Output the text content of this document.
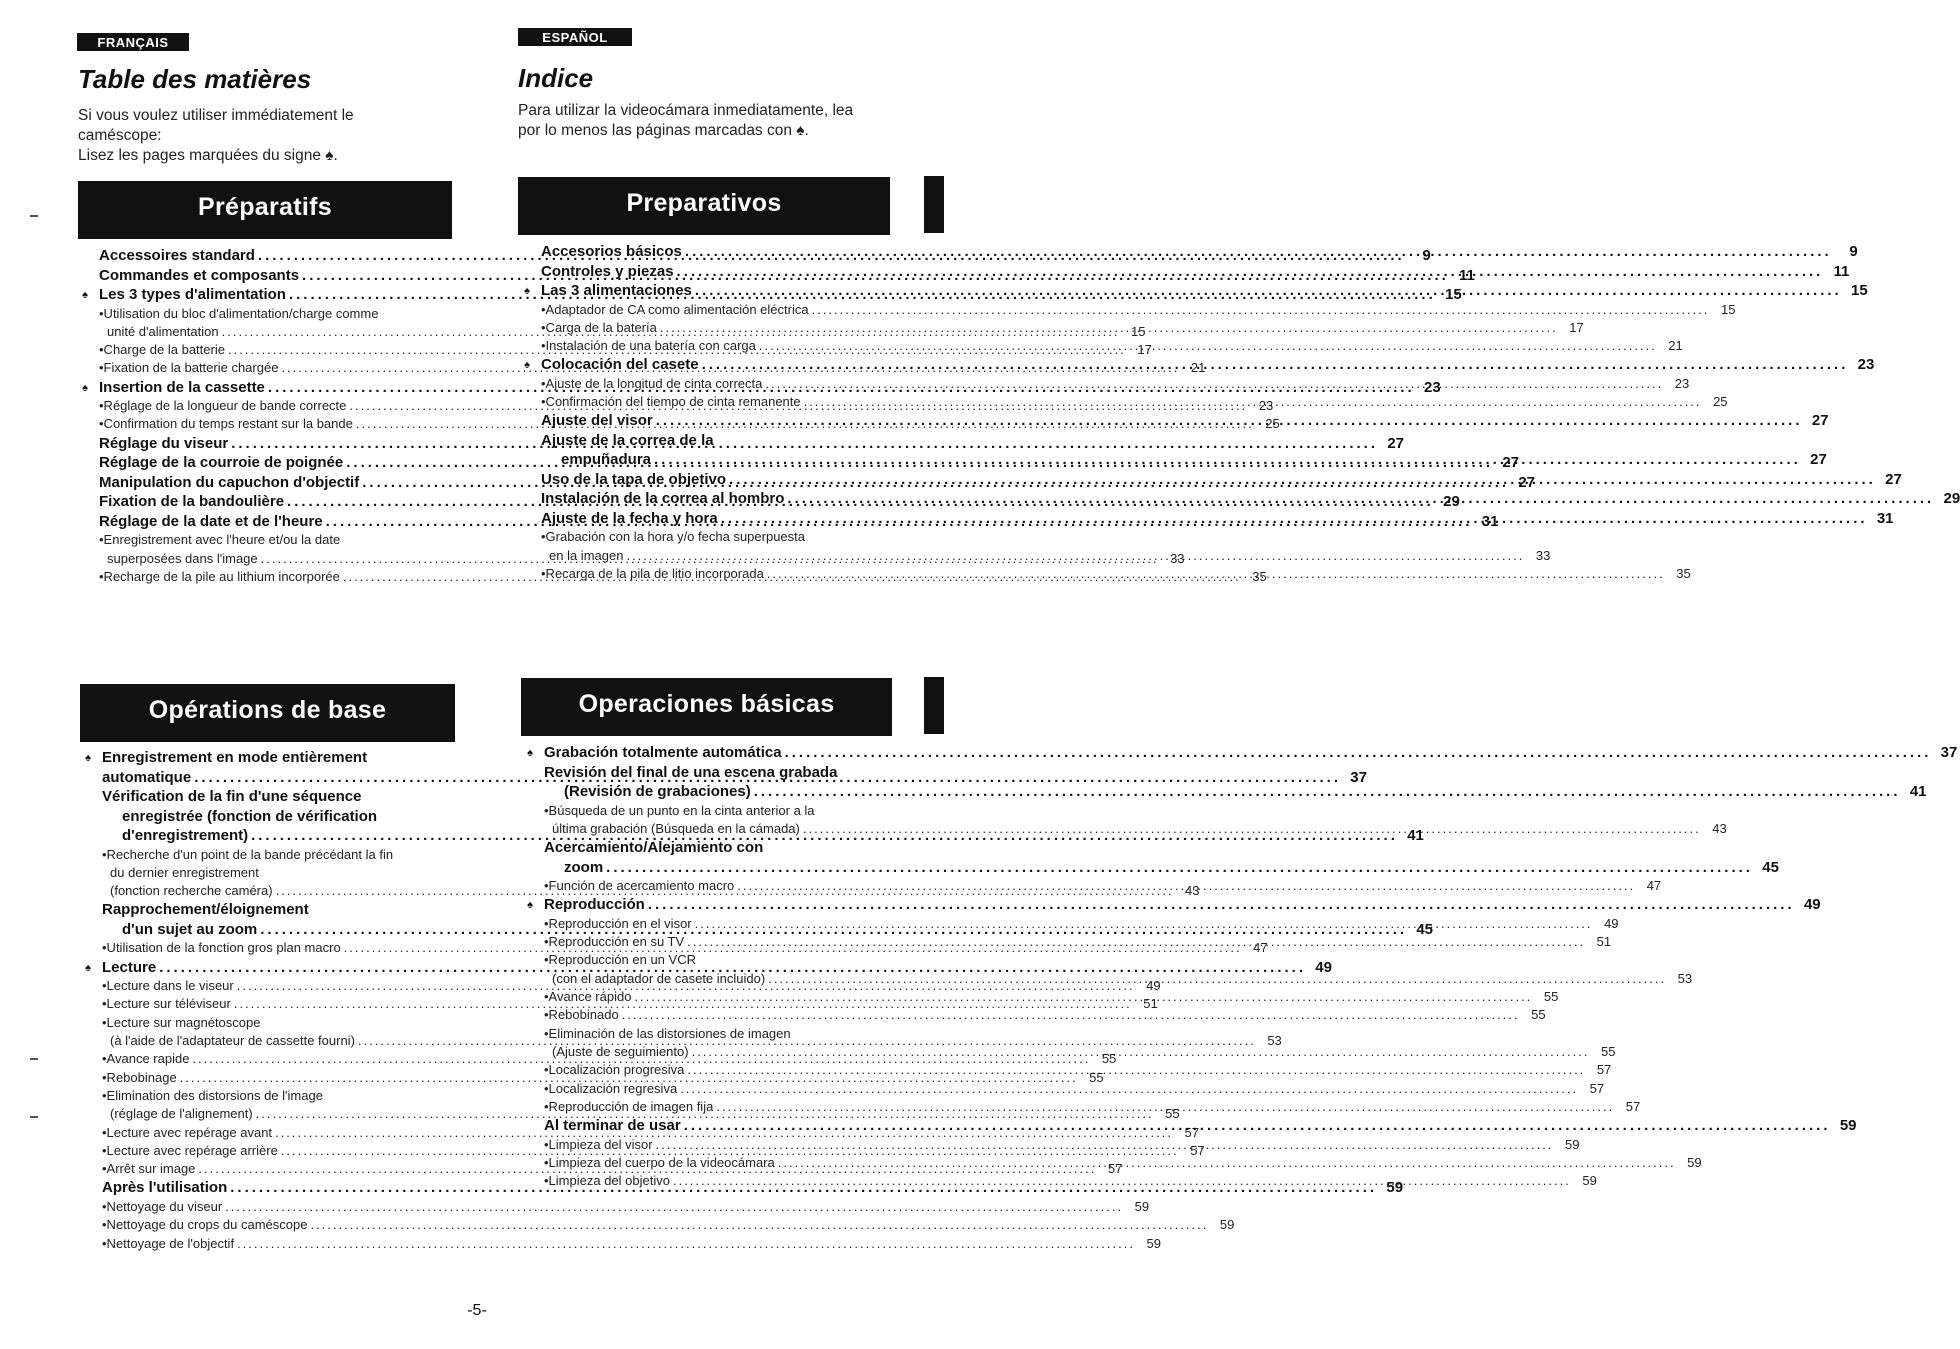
FRANÇAIS
Table des matières
Si vous voulez utiliser immédiatement le
caméscope:
Lisez les pages marquées du signe ♠.
Préparatifs
Accessoires standard .....	9
Commandes et composants .....	11
♠ Les 3 types d'alimentation .....	15
•Utilisation du bloc d'alimentation/charge comme
unité d'alimentation .....	15
•Charge de la batterie .....	17
•Fixation de la batterie chargée .....	21
♠ Insertion de la cassette .....	23
•Réglage de la longueur de bande correcte .....	23
•Confirmation du temps restant sur la bande .....	25
Réglage du viseur .....	27
Réglage de la courroie de poignée .....	27
Manipulation du capuchon d'objectif .....	27
Fixation de la bandoulière .....	29
Réglage de la date et de l'heure .....	31
•Enregistrement avec l'heure et/ou la date
superposées dans l'image .....	33
•Recharge de la pile au lithium incorporée .....	35
Opérations de base
♠ Enregistrement en mode entièrement
automatique .....	37
Vérification de la fin d'une séquence
enregistrée (fonction de vérification
d'enregistrement) .....	41
•Recherche d'un point de la bande précédant la fin
du dernier enregistrement
(fonction recherche caméra) .....	43
Rapprochement/éloignement
d'un sujet au zoom .....	45
•Utilisation de la fonction gros plan macro .....	47
♠ Lecture .....	49
•Lecture dans le viseur .....	49
•Lecture sur téléviseur .....	51
•Lecture sur magnétoscope
(à l'aide de l'adaptateur de cassette fourni) .....	53
•Avance rapide .....	55
•Rebobinage .....	55
•Elimination des distorsions de l'image
(réglage de l'alignement) .....	55
•Lecture avec repérage avant .....	57
•Lecture avec repérage arrière .....	57
•Arrêt sur image .....	57
Après l'utilisation .....	59
•Nettoyage du viseur .....	59
•Nettoyage du crops du caméscope .....	59
•Nettoyage de l'objectif .....	59
ESPAÑOL
Indice
Para utilizar la videocámara inmediatamente, lea
por lo menos las páginas marcadas con ♠.
Preparativos
Accesorios básicos .....	9
Controles y piezas .....	11
♠ Las 3 alimentaciones .....	15
•Adaptador de CA como alimentación eléctrica .....	15
•Carga de la batería .....	17
•Instalación de una batería con carga .....	21
♠ Colocación del casete .....	23
•Ajuste de la longitud de cinta correcta .....	23
•Confirmación del tiempo de cinta remanente .....	25
Ajuste del visor .....	27
Ajuste de la correa de la
empuñadura .....	27
Uso de la tapa de objetivo .....	27
Instalación de la correa al hombro .....	29
Ajuste de la fecha y hora .....	31
•Grabación con la hora y/o fecha superpuesta
en la imagen .....	33
•Recarga de la pila de litio incorporada .....	35
Operaciones básicas
♠ Grabación totalmente automática .....	37
Revisión del final de una escena grabada
(Revisión de grabaciones) .....	41
•Búsqueda de un punto en la cinta anterior a la
última grabación (Búsqueda en la cámada) .....	43
Acercamiento/Alejamiento con
zoom .....	45
•Función de acercamiento macro .....	47
♠ Reproducción .....	49
•Reproducción en el visor .....	49
•Reproducción en su TV .....	51
•Reproducción en un VCR
(con el adaptador de casete incluido) .....	53
•Avance rápido .....	55
•Rebobinado .....	55
•Eliminación de las distorsiones de imagen
(Ajuste de seguimiento) .....	55
•Localización progresiva .....	57
•Localización regresiva .....	57
•Reproducción de imagen fija .....	57
Al terminar de usar .....	59
•Limpieza del visor .....	59
•Limpieza del cuerpo de la videocámara .....	59
•Limpieza del objetivo .....	59
-5-
